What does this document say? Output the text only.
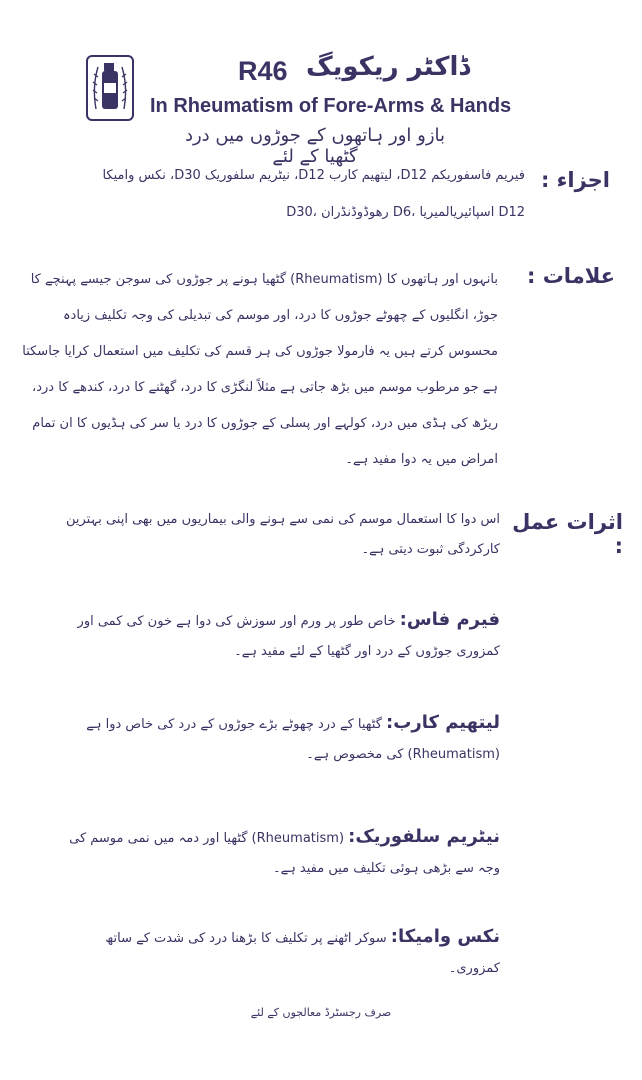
ڈاکٹر ریکویگ
R46
In Rheumatism of Fore-Arms & Hands
بازو اور ہاتھوں کے جوڑوں میں درد گٹھیا کے لئے
اجزاء :
فیریم فاسفوریکم D12، لیتھیم کارب D12، نیٹریم سلفوریک D30، نکس وامیکا
D30، رھوڈوڈنڈران D6، اسپائیریالمیریا D12
علامات :
بانہوں اور ہاتھوں کا (Rheumatism) گٹھیا ہونے پر جوڑوں کی سوجن جیسے پہنچے کا جوڑ، انگلیوں کے چھوٹے جوڑوں کا درد، اور موسم کی تبدیلی کی وجہ تکلیف زیادہ محسوس کرتے ہیں یہ فارمولا جوڑوں کی ہر قسم کی تکلیف میں استعمال کرایا جاسکتا ہے جو مرطوب موسم میں بڑھ جاتی ہے مثلاً لنگڑی کا درد، گھٹنے کا درد، کندھے کا درد، ریڑھ کی ہڈی میں درد، کولہے اور پسلی کے جوڑوں کا درد یا سر کی ہڈیوں کا ان تمام امراض میں یہ دوا مفید ہے۔
اثرات عمل :
اس دوا کا استعمال موسم کی نمی سے ہونے والی بیماریوں میں بھی اپنی بہترین کارکردگی ثبوت دیتی ہے۔
فیرم فاس: خاص طور پر ورم اور سوزش کی دوا ہے خون کی کمی اور کمزوری جوڑوں کے درد اور گٹھیا کے لئے مفید ہے۔
لیتھیم کارب: گٹھیا کے درد چھوٹے بڑے جوڑوں کے درد کی خاص دوا ہے (Rheumatism) کی مخصوص ہے۔
نیٹریم سلفوریک: (Rheumatism) گٹھیا اور دمہ میں نمی موسم کی وجہ سے بڑھی ہوئی تکلیف میں مفید ہے۔
نکس وامیکا: سوکر اٹھنے پر تکلیف کا بڑھنا درد کی شدت کے ساتھ کمزوری۔
صرف رجسٹرڈ معالجوں کے لئے
